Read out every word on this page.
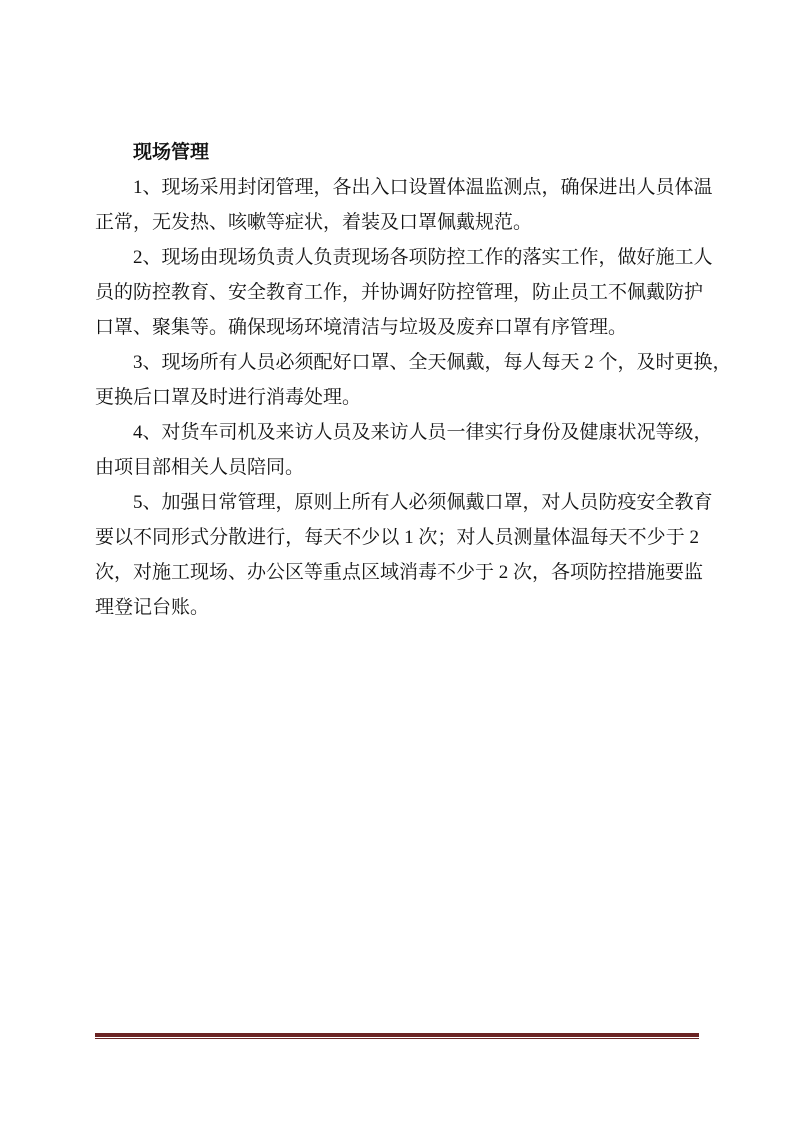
现场管理
1、现场采用封闭管理，各出入口设置体温监测点，确保进出人员体温
正常，无发热、咳嗽等症状，着装及口罩佩戴规范。
2、现场由现场负责人负责现场各项防控工作的落实工作，做好施工人
员的防控教育、安全教育工作，并协调好防控管理，防止员工不佩戴防护
口罩、聚集等。确保现场环境清洁与垃圾及废弃口罩有序管理。
3、现场所有人员必须配好口罩、全天佩戴，每人每天 2 个，及时更换，
更换后口罩及时进行消毒处理。
4、对货车司机及来访人员及来访人员一律实行身份及健康状况等级，
由项目部相关人员陪同。
5、加强日常管理，原则上所有人必须佩戴口罩，对人员防疫安全教育
要以不同形式分散进行，每天不少以 1 次；对人员测量体温每天不少于 2
次，对施工现场、办公区等重点区域消毒不少于 2 次，各项防控措施要监
理登记台账。
